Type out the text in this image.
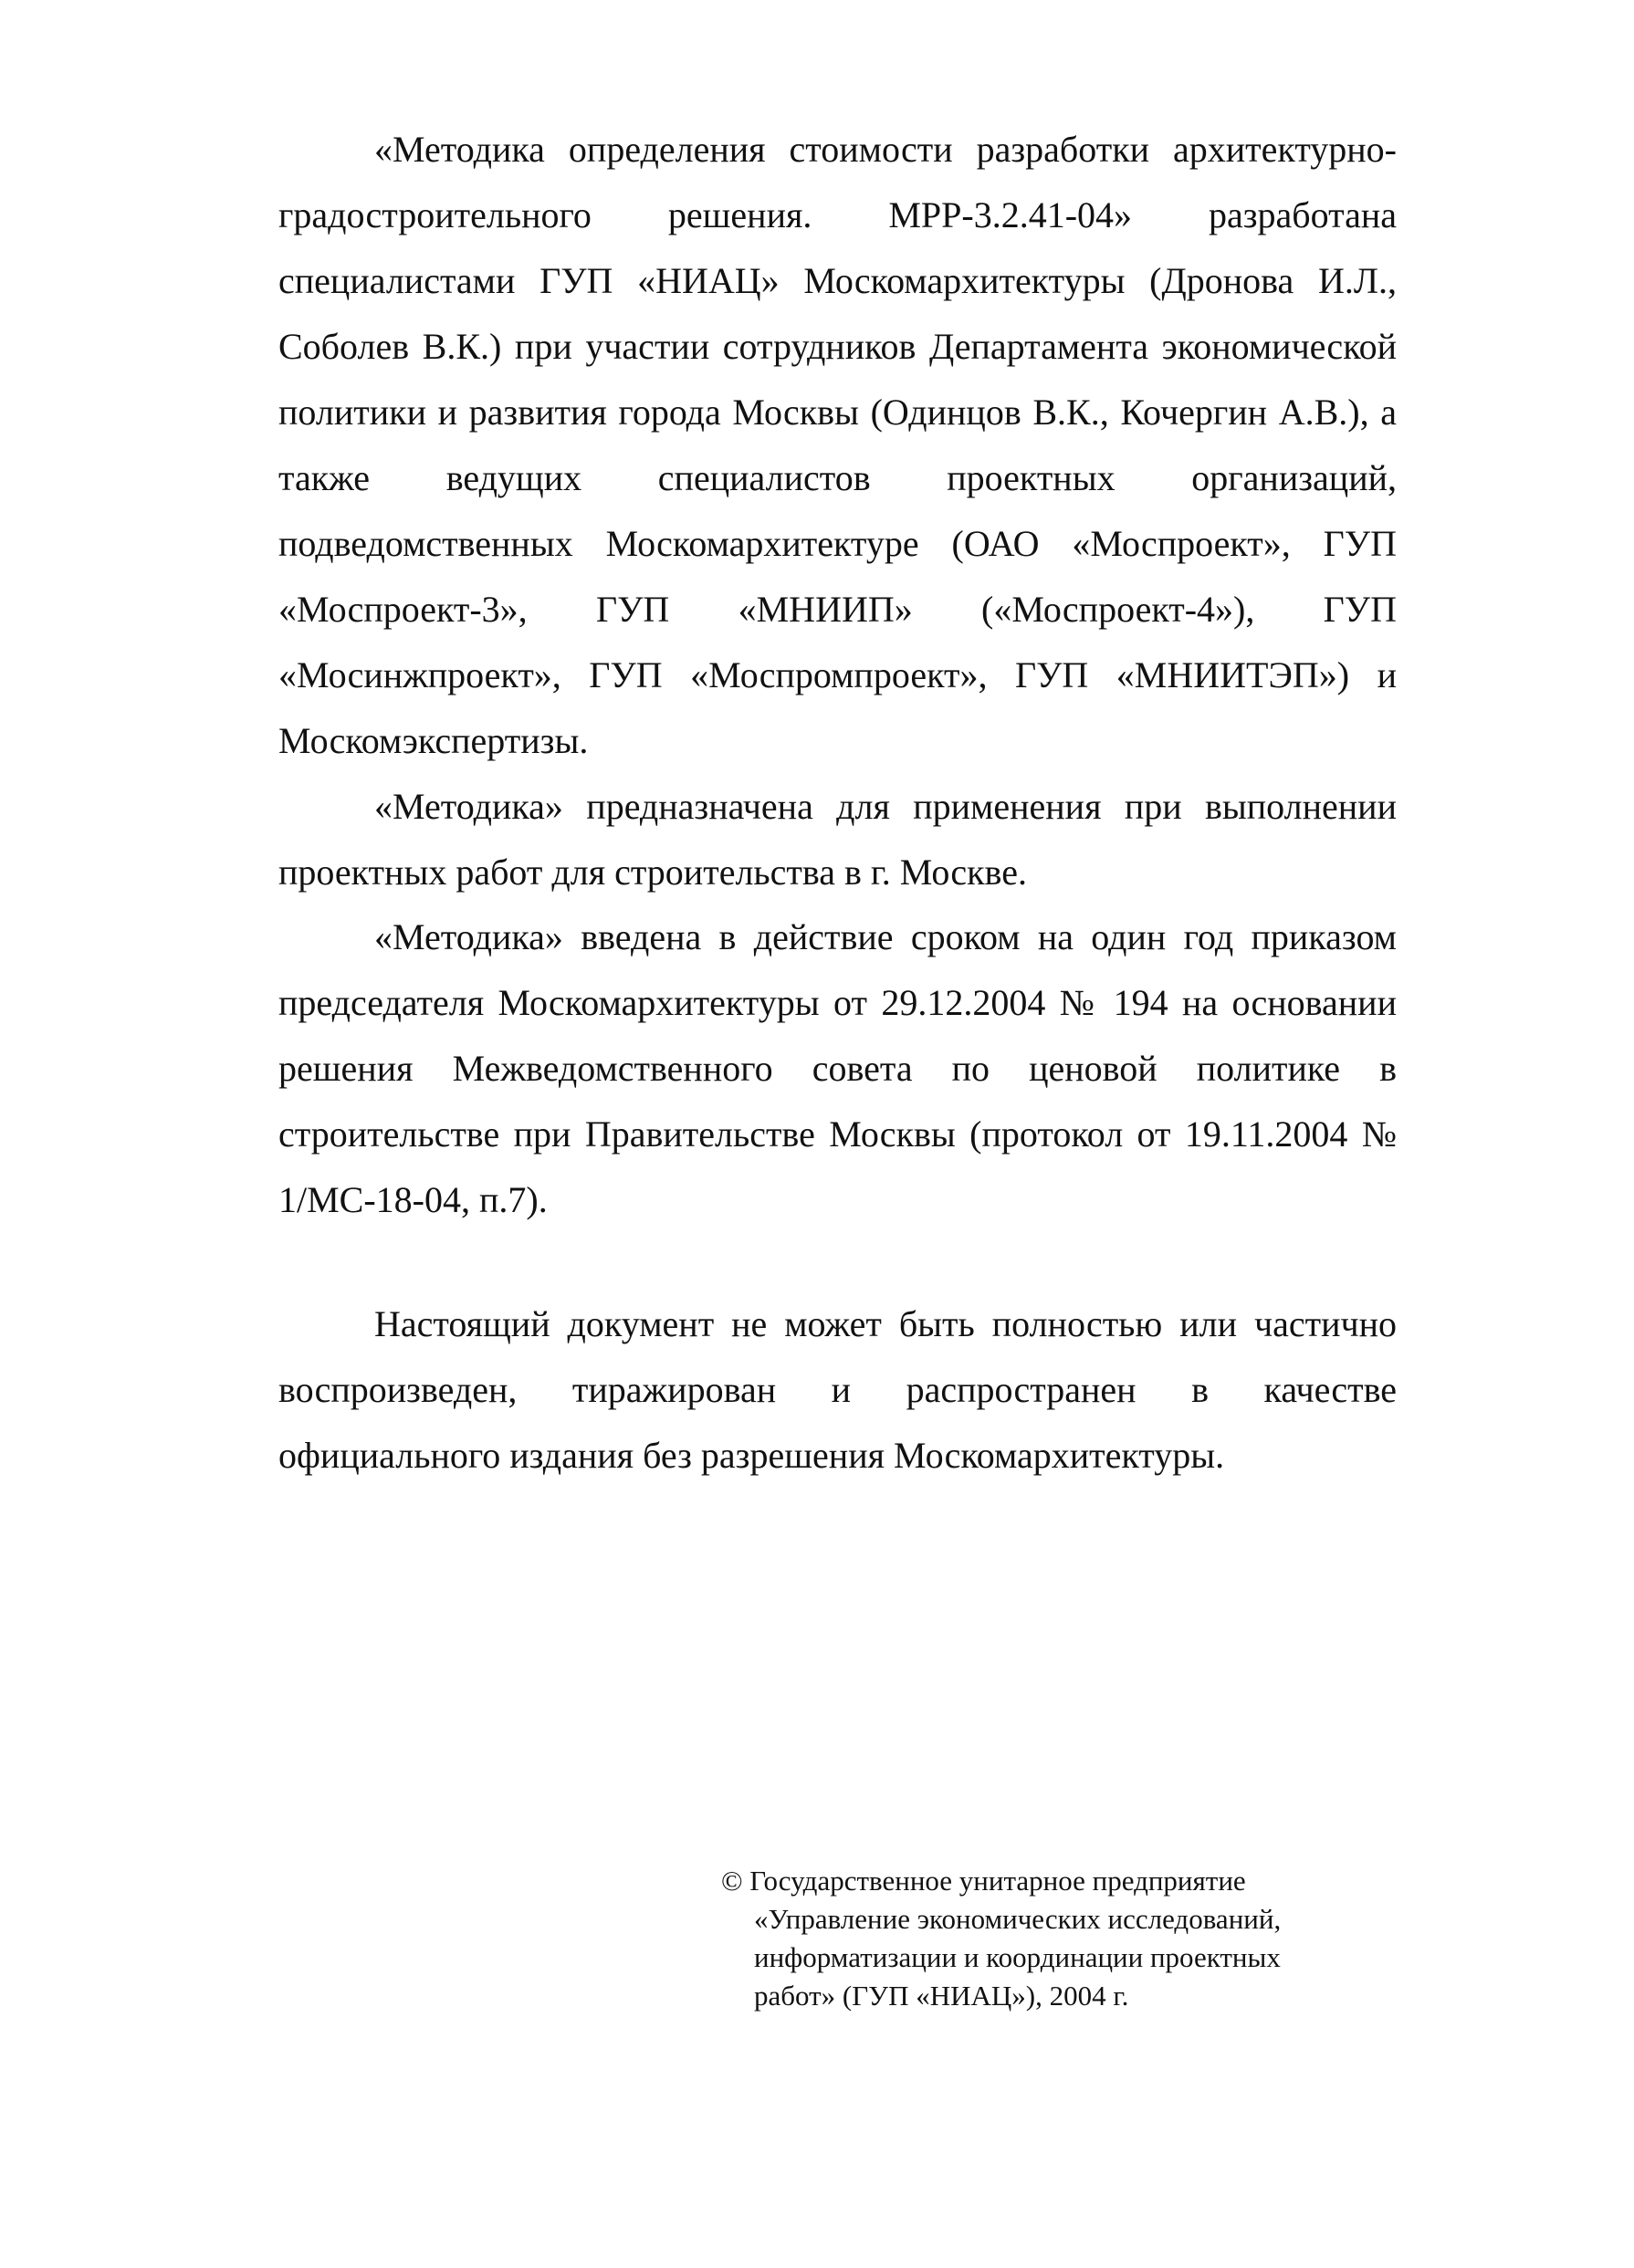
«Методика определения стоимости разработки архитектурно-градостроительного решения. МРР-3.2.41-04» разработана специалистами ГУП «НИАЦ» Москомархитектуры (Дронова И.Л., Соболев В.К.) при участии сотрудников Департамента экономической политики и развития города Москвы (Одинцов В.К., Кочергин А.В.), а также ведущих специалистов проектных организаций, подведомственных Москомархитектуре (ОАО «Моспроект», ГУП «Моспроект-3», ГУП «МНИИП» («Моспроект-4»), ГУП «Мосинжпроект», ГУП «Моспромпроект», ГУП «МНИИТЭП») и Москомэкспертизы.

«Методика» предназначена для применения при выполнении проектных работ для строительства в г. Москве.

«Методика» введена в действие сроком на один год приказом председателя Москомархитектуры от 29.12.2004 № 194 на основании решения Межведомственного совета по ценовой политике в строительстве при Правительстве Москвы (протокол от 19.11.2004 № 1/МС-18-04, п.7).

Настоящий документ не может быть полностью или частично воспроизведен, тиражирован и распространен в качестве официального издания без разрешения Москомархитектуры.

© Государственное унитарное предприятие
«Управление экономических исследований,
информатизации и координации проектных
работ» (ГУП «НИАЦ»), 2004 г.
